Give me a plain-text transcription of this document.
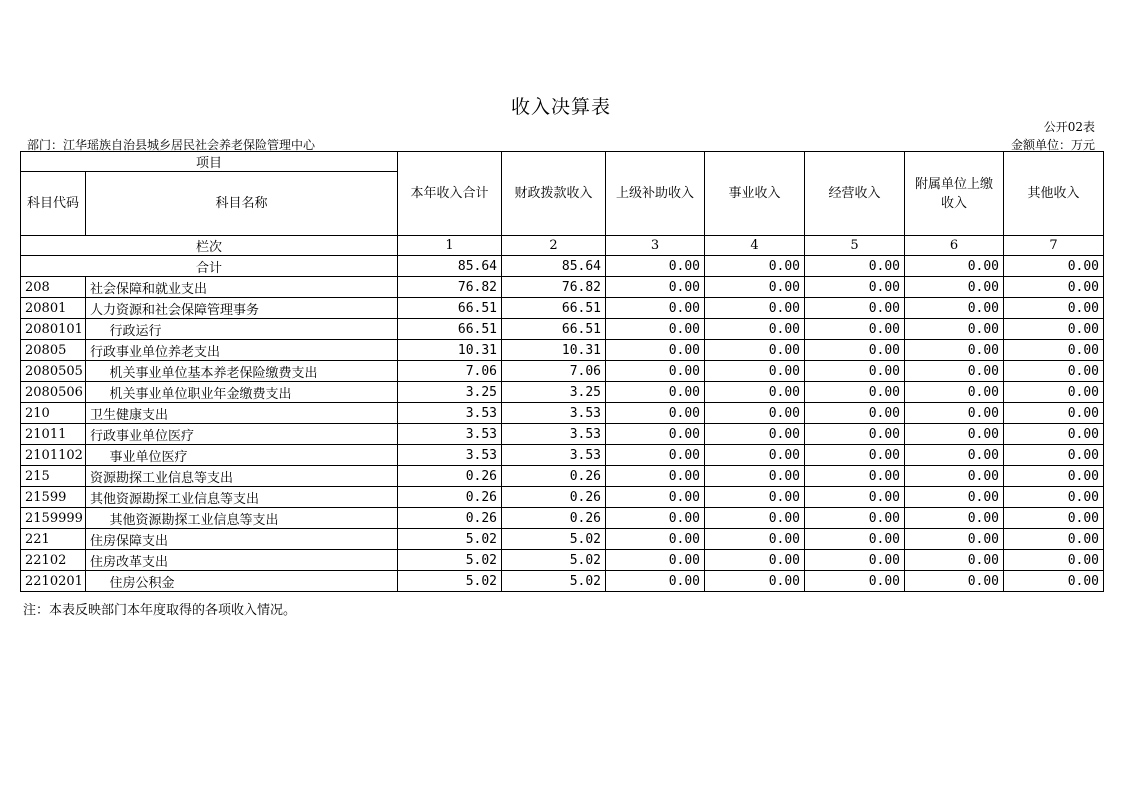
收入决算表
公开02表
部门：江华瑶族自治县城乡居民社会养老保险管理中心	金额单位：万元
项目		本年收入合计	财政拨款收入	上级补助收入	事业收入	经营收入	附属单位上缴收入	其他收入
科目代码	科目名称							
栏次		1	2	3	4	5	6	7
合计		85.64	85.64	0.00	0.00	0.00	0.00	0.00
208	社会保障和就业支出	76.82	76.82	0.00	0.00	0.00	0.00	0.00
20801	人力资源和社会保障管理事务	66.51	66.51	0.00	0.00	0.00	0.00	0.00
2080101	行政运行	66.51	66.51	0.00	0.00	0.00	0.00	0.00
20805	行政事业单位养老支出	10.31	10.31	0.00	0.00	0.00	0.00	0.00
2080505	机关事业单位基本养老保险缴费支出	7.06	7.06	0.00	0.00	0.00	0.00	0.00
2080506	机关事业单位职业年金缴费支出	3.25	3.25	0.00	0.00	0.00	0.00	0.00
210	卫生健康支出	3.53	3.53	0.00	0.00	0.00	0.00	0.00
21011	行政事业单位医疗	3.53	3.53	0.00	0.00	0.00	0.00	0.00
2101102	事业单位医疗	3.53	3.53	0.00	0.00	0.00	0.00	0.00
215	资源勘探工业信息等支出	0.26	0.26	0.00	0.00	0.00	0.00	0.00
21599	其他资源勘探工业信息等支出	0.26	0.26	0.00	0.00	0.00	0.00	0.00
2159999	其他资源勘探工业信息等支出	0.26	0.26	0.00	0.00	0.00	0.00	0.00
221	住房保障支出	5.02	5.02	0.00	0.00	0.00	0.00	0.00
22102	住房改革支出	5.02	5.02	0.00	0.00	0.00	0.00	0.00
2210201	住房公积金	5.02	5.02	0.00	0.00	0.00	0.00	0.00
注：本表反映部门本年度取得的各项收入情况。
